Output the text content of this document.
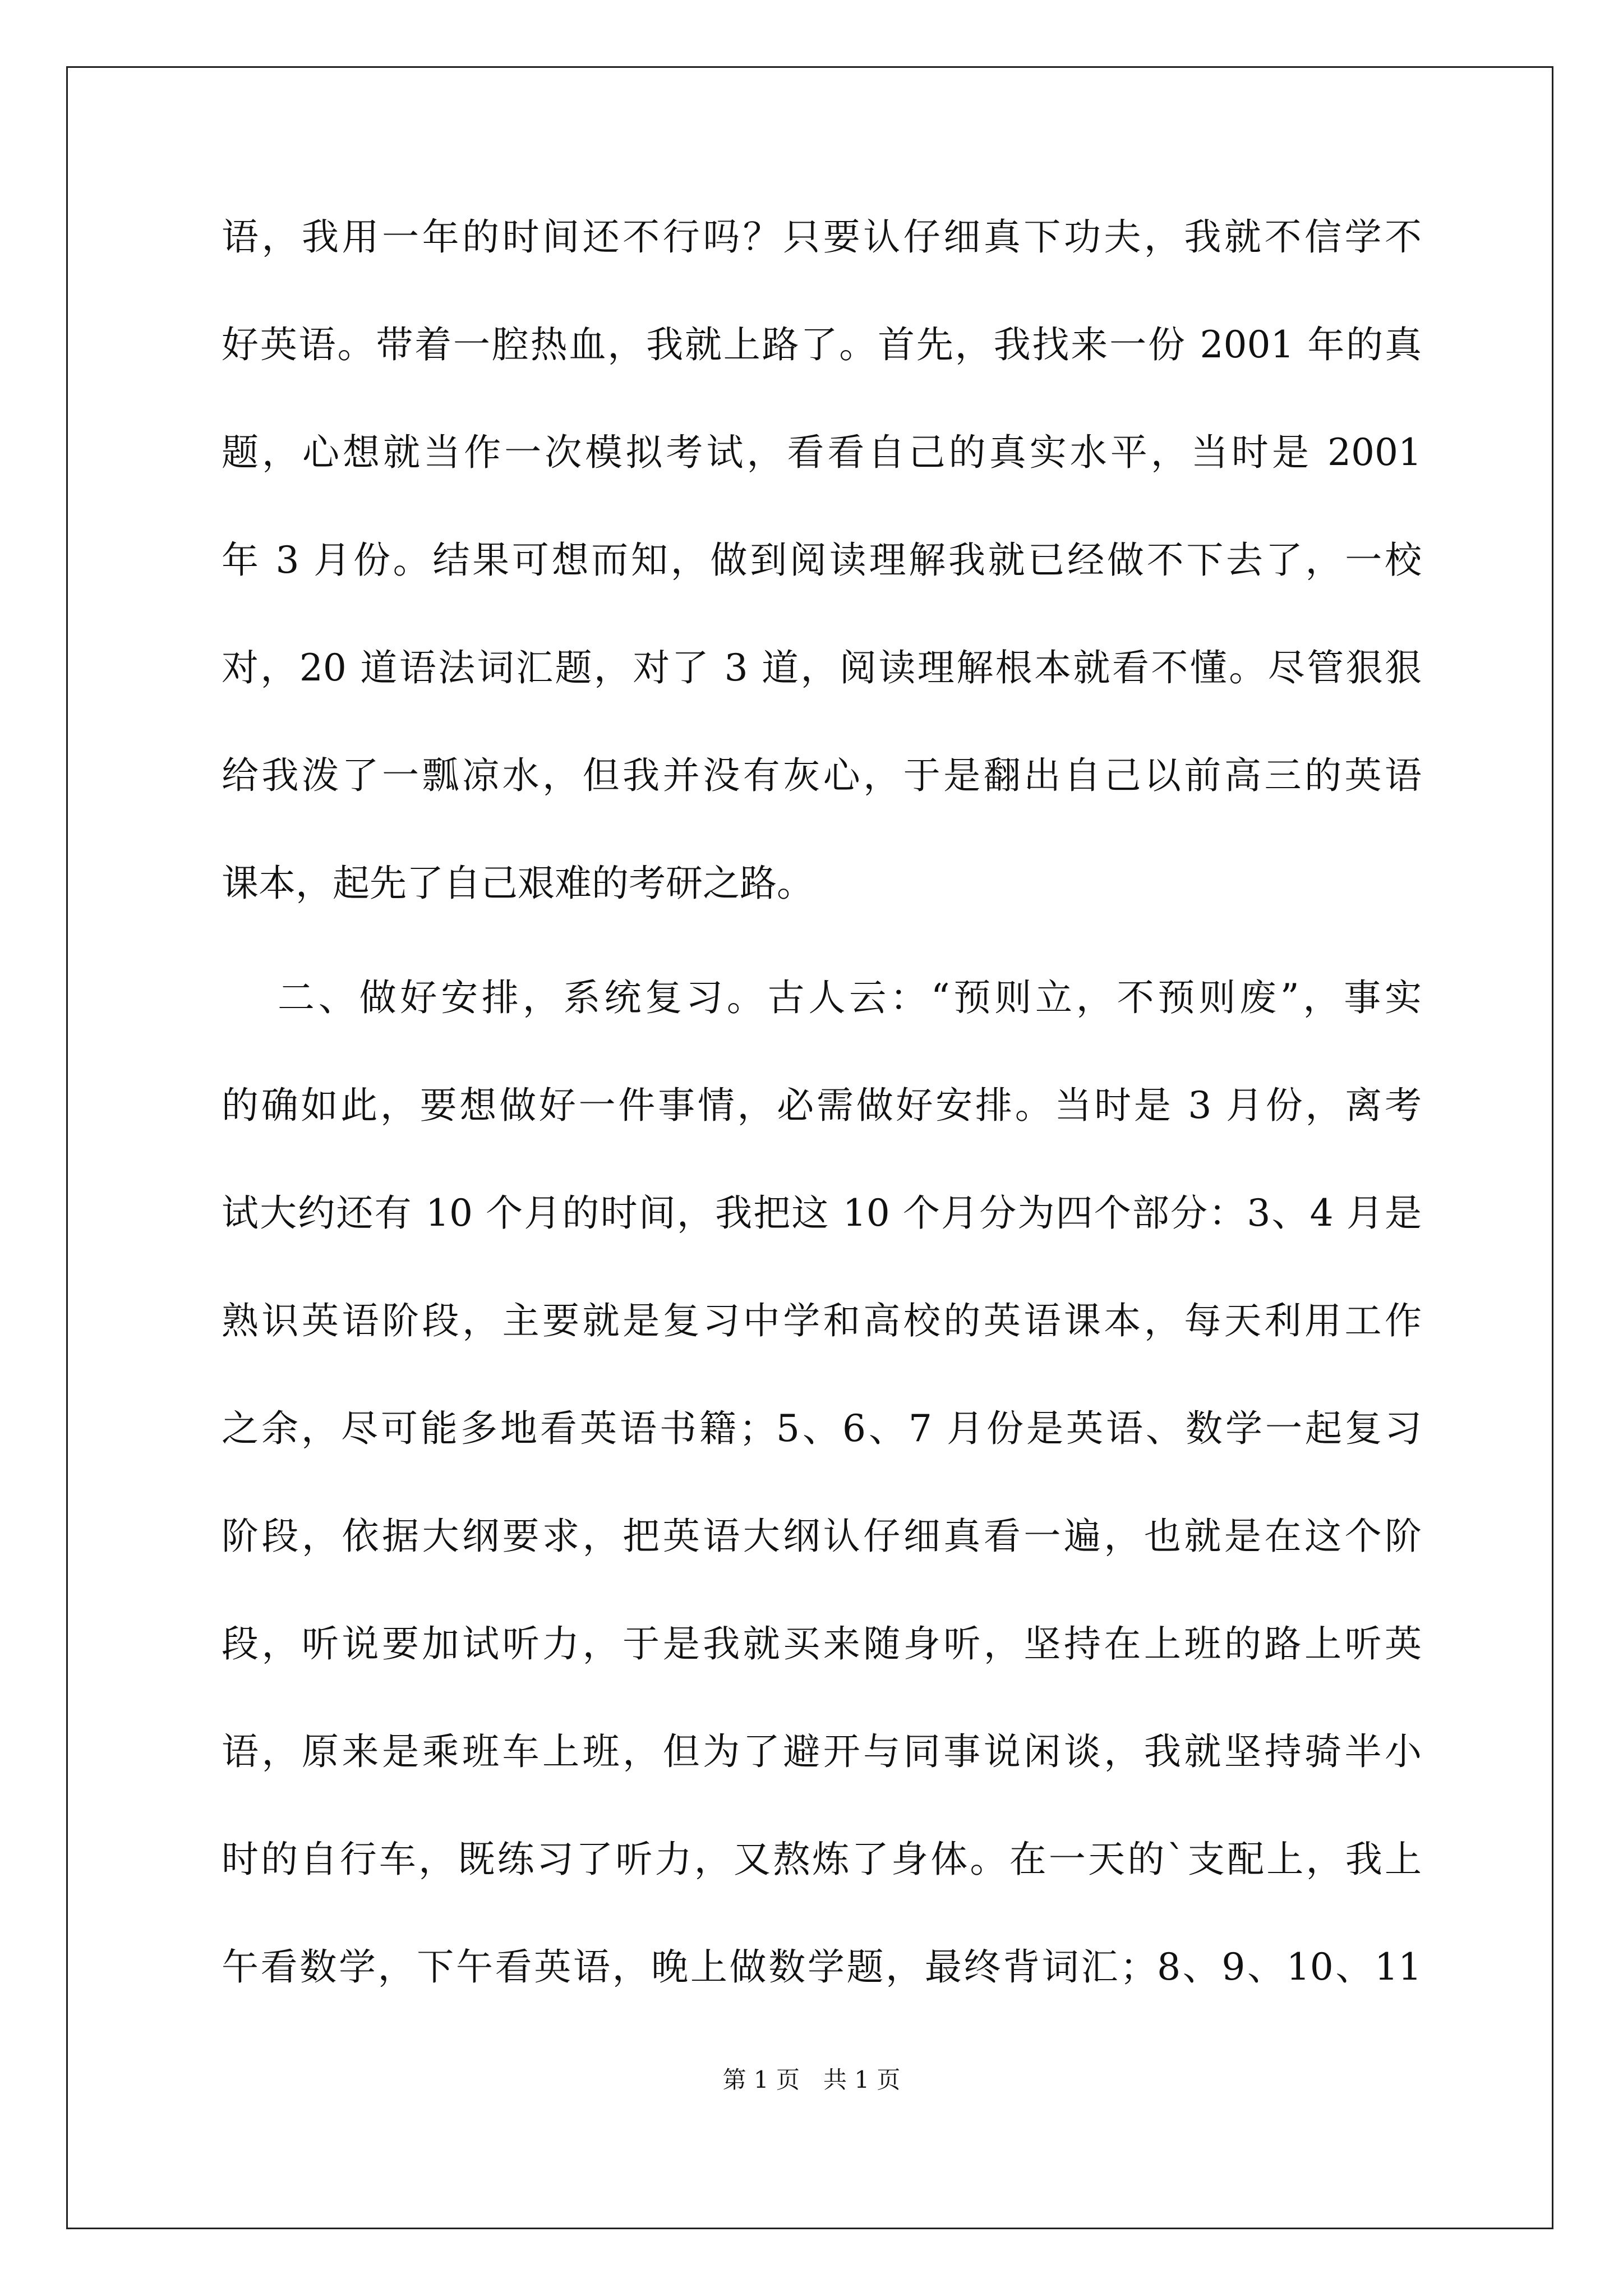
语，我用一年的时间还不行吗？只要认仔细真下功夫，我就不信学不
好英语。带着一腔热血，我就上路了。首先，我找来一份 2001 年的真
题，心想就当作一次模拟考试，看看自己的真实水平，当时是 2001
年 3 月份。结果可想而知，做到阅读理解我就已经做不下去了，一校
对，20 道语法词汇题，对了 3 道，阅读理解根本就看不懂。尽管狠狠
给我泼了一瓢凉水，但我并没有灰心，于是翻出自己以前高三的英语
课本，起先了自己艰难的考研之路。
二、做好安排，系统复习。古人云：“预则立，不预则废”，事实
的确如此，要想做好一件事情，必需做好安排。当时是 3 月份，离考
试大约还有 10 个月的时间，我把这 10 个月分为四个部分：3、4 月是
熟识英语阶段，主要就是复习中学和高校的英语课本，每天利用工作
之余，尽可能多地看英语书籍；5、6、7 月份是英语、数学一起复习
阶段，依据大纲要求，把英语大纲认仔细真看一遍，也就是在这个阶
段，听说要加试听力，于是我就买来随身听，坚持在上班的路上听英
语，原来是乘班车上班，但为了避开与同事说闲谈，我就坚持骑半小
时的自行车，既练习了听力，又熬炼了身体。在一天的`支配上，我上
午看数学，下午看英语，晚上做数学题，最终背词汇；8、9、10、11
第 1 页　共 1 页
